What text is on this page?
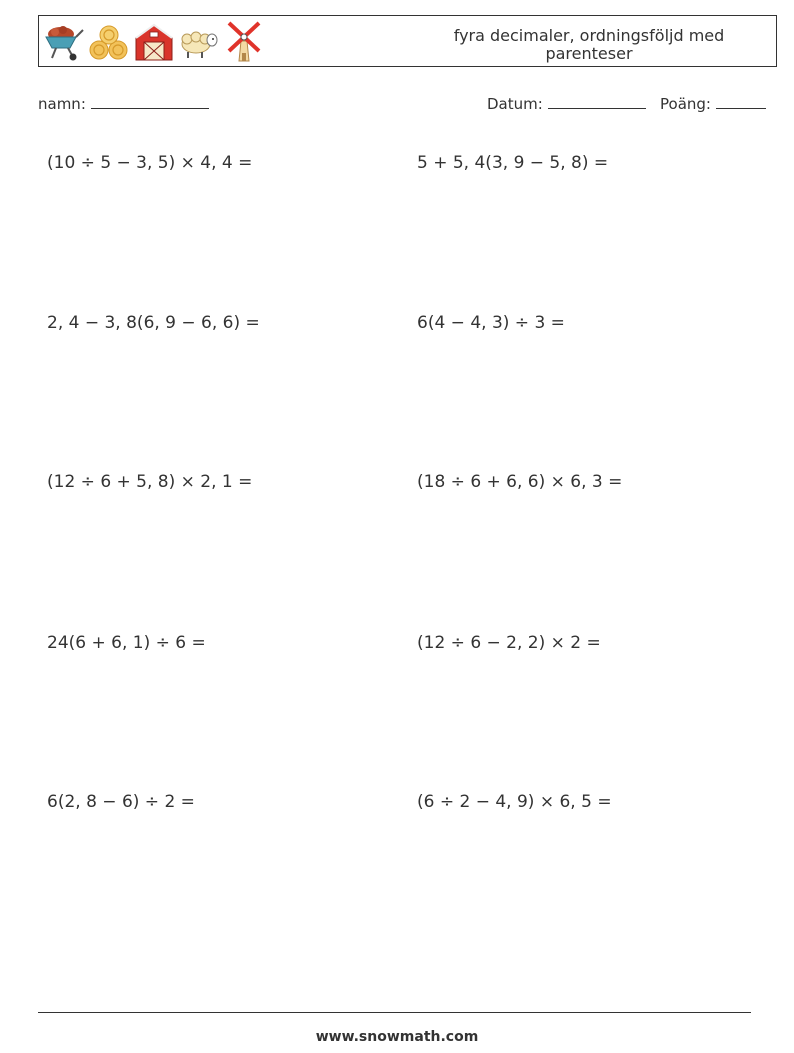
fyra decimaler, ordningsföljd med parenteser
namn:	Datum:	Poäng:
(10 ÷ 5 − 3, 5) × 4, 4 =	5 + 5, 4(3, 9 − 5, 8) =
2, 4 − 3, 8(6, 9 − 6, 6) =	6(4 − 4, 3) ÷ 3 =
(12 ÷ 6 + 5, 8) × 2, 1 =	(18 ÷ 6 + 6, 6) × 6, 3 =
24(6 + 6, 1) ÷ 6 =	(12 ÷ 6 − 2, 2) × 2 =
6(2, 8 − 6) ÷ 2 =	(6 ÷ 2 − 4, 9) × 6, 5 =
www.snowmath.com
